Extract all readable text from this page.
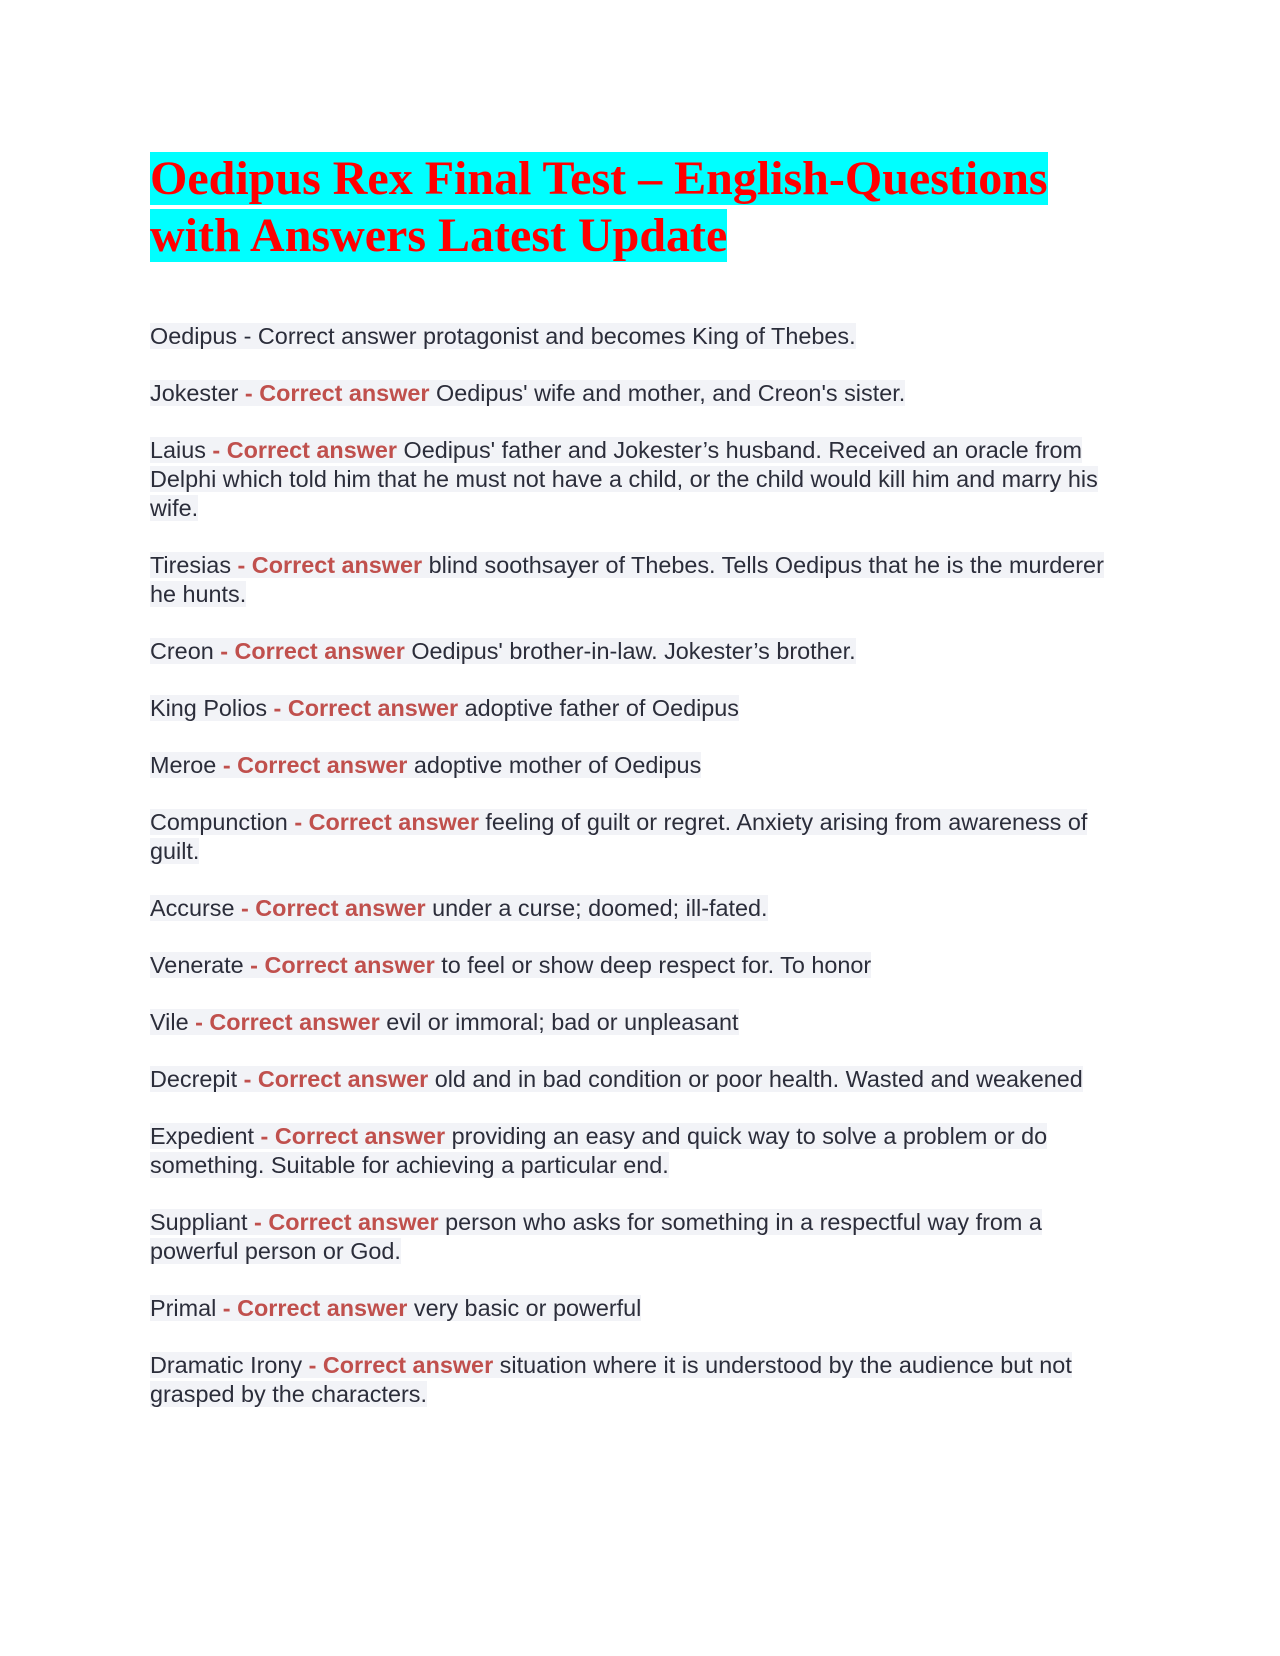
Oedipus Rex Final Test – English-Questions with Answers Latest Update

Oedipus - Correct answer protagonist and becomes King of Thebes.

Jokester - Correct answer Oedipus' wife and mother, and Creon's sister.

Laius - Correct answer Oedipus' father and Jokester’s husband. Received an oracle from Delphi which told him that he must not have a child, or the child would kill him and marry his wife.

Tiresias - Correct answer blind soothsayer of Thebes. Tells Oedipus that he is the murderer he hunts.

Creon - Correct answer Oedipus' brother-in-law. Jokester’s brother.

King Polios - Correct answer adoptive father of Oedipus

Meroe - Correct answer adoptive mother of Oedipus

Compunction - Correct answer feeling of guilt or regret. Anxiety arising from awareness of guilt.

Accurse - Correct answer under a curse; doomed; ill-fated.

Venerate - Correct answer to feel or show deep respect for. To honor

Vile - Correct answer evil or immoral; bad or unpleasant

Decrepit - Correct answer old and in bad condition or poor health. Wasted and weakened

Expedient - Correct answer providing an easy and quick way to solve a problem or do something. Suitable for achieving a particular end.

Suppliant - Correct answer person who asks for something in a respectful way from a powerful person or God.

Primal - Correct answer very basic or powerful

Dramatic Irony - Correct answer situation where it is understood by the audience but not grasped by the characters.
